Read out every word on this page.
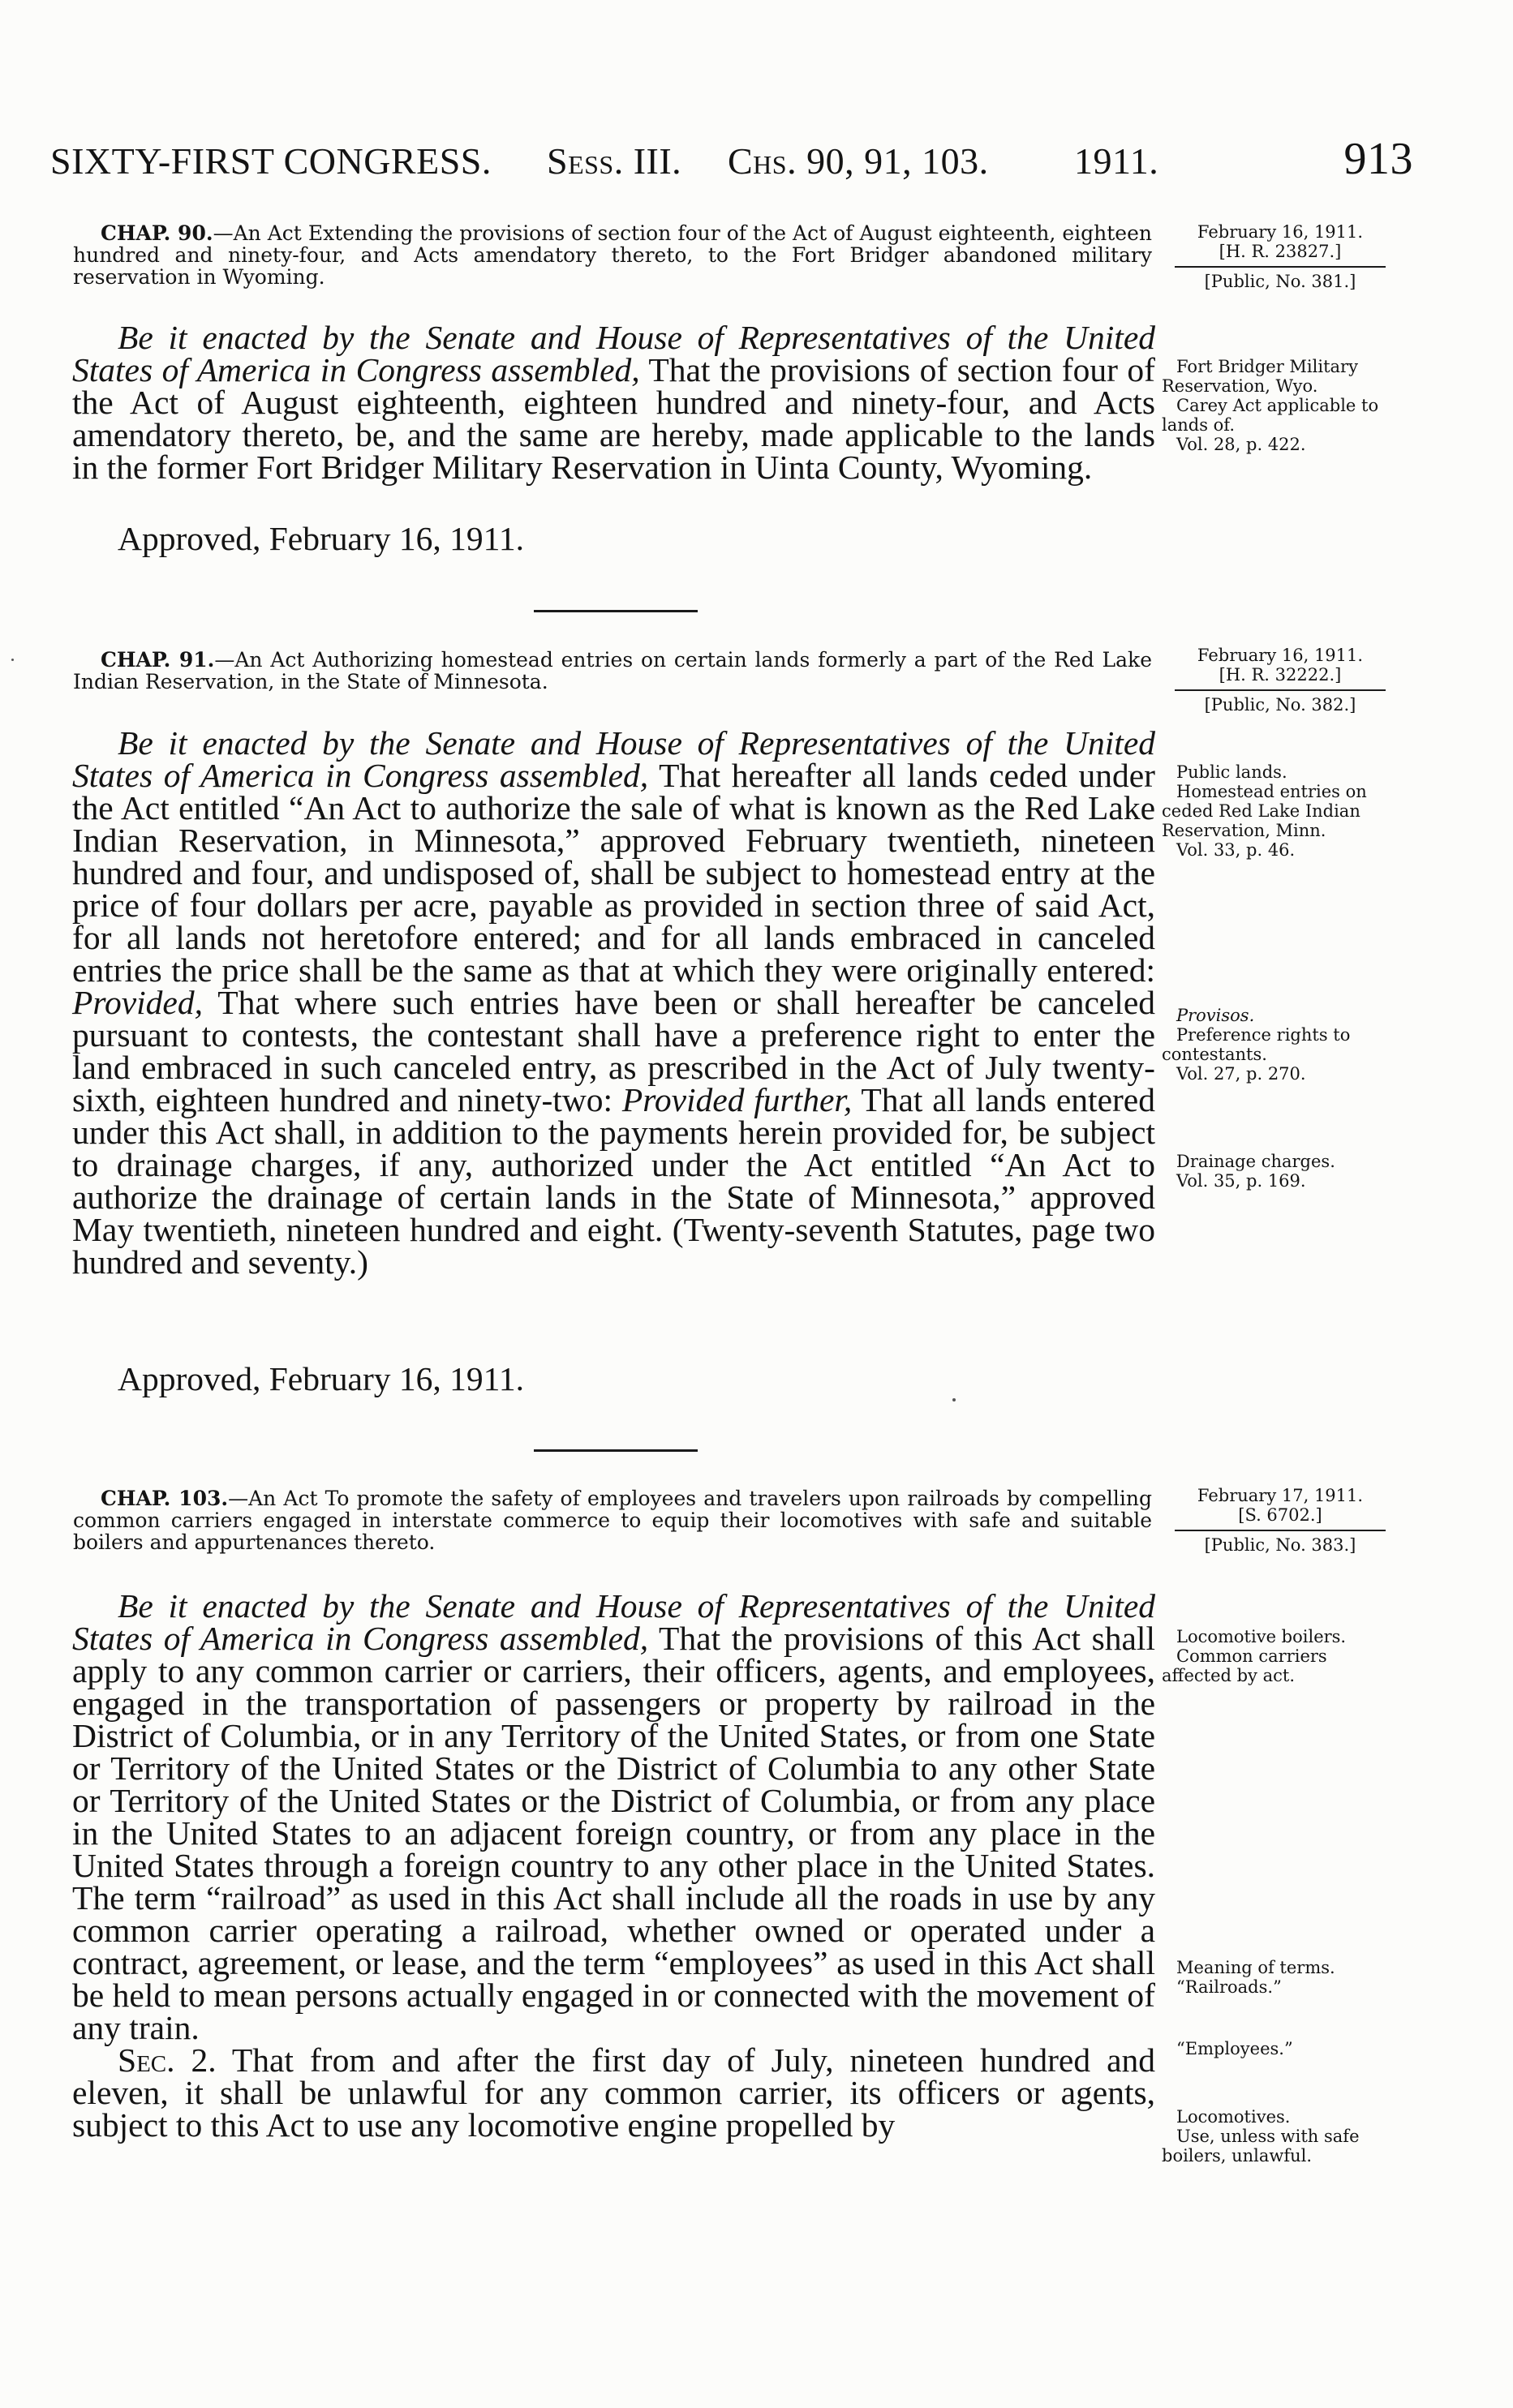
SIXTY-FIRST CONGRESS. Sess. III. Chs. 90, 91, 103. 1911.	913
CHAP. 90.—An Act Extending the provisions of section four of the Act of August eighteenth, eighteen hundred and ninety-four, and Acts amendatory thereto, to the Fort Bridger abandoned military reservation in Wyoming.
February 16, 1911.
[H. R. 23827.]
[Public, No. 381.]

Be it enacted by the Senate and House of Representatives of the United States of America in Congress assembled, That the provisions of section four of the Act of August eighteenth, eighteen hundred and ninety-four, and Acts amendatory thereto, be, and the same are hereby, made applicable to the lands in the former Fort Bridger Military Reservation in Uinta County, Wyoming.

Fort Bridger Military Reservation, Wyo.
Carey Act applicable to lands of.
Vol. 28, p. 422.
Approved, February 16, 1911.
CHAP. 91.—An Act Authorizing homestead entries on certain lands formerly a part of the Red Lake Indian Reservation, in the State of Minnesota.
February 16, 1911.
[H. R. 32222.]
[Public, No. 382.]

Be it enacted by the Senate and House of Representatives of the United States of America in Congress assembled, That hereafter all lands ceded under the Act entitled “An Act to authorize the sale of what is known as the Red Lake Indian Reservation, in Minnesota,” approved February twentieth, nineteen hundred and four, and undisposed of, shall be subject to homestead entry at the price of four dollars per acre, payable as provided in section three of said Act, for all lands not heretofore entered; and for all lands embraced in canceled entries the price shall be the same as that at which they were originally entered: Provided, That where such entries have been or shall hereafter be canceled pursuant to contests, the contestant shall have a preference right to enter the land embraced in such canceled entry, as prescribed in the Act of July twenty-sixth, eighteen hundred and ninety-two: Provided further, That all lands entered under this Act shall, in addition to the payments herein provided for, be subject to drainage charges, if any, authorized under the Act entitled “An Act to authorize the drainage of certain lands in the State of Minnesota,” approved May twentieth, nineteen hundred and eight. (Twenty-seventh Statutes, page two hundred and seventy.)

Public lands.
Homestead entries on ceded Red Lake Indian Reservation, Minn.
Vol. 33, p. 46.
Provisos.
Preference rights to contestants.
Vol. 27, p. 270.
Drainage charges.
Vol. 35, p. 169.
Approved, February 16, 1911.
CHAP. 103.—An Act To promote the safety of employees and travelers upon railroads by compelling common carriers engaged in interstate commerce to equip their locomotives with safe and suitable boilers and appurtenances thereto.
February 17, 1911.
[S. 6702.]
[Public, No. 383.]

Be it enacted by the Senate and House of Representatives of the United States of America in Congress assembled, That the provisions of this Act shall apply to any common carrier or carriers, their officers, agents, and employees, engaged in the transportation of passengers or property by railroad in the District of Columbia, or in any Territory of the United States, or from one State or Territory of the United States or the District of Columbia to any other State or Territory of the United States or the District of Columbia, or from any place in the United States to an adjacent foreign country, or from any place in the United States through a foreign country to any other place in the United States. The term “railroad” as used in this Act shall include all the roads in use by any common carrier operating a railroad, whether owned or operated under a contract, agreement, or lease, and the term “employees” as used in this Act shall be held to mean persons actually engaged in or connected with the movement of any train.

Sec. 2. That from and after the first day of July, nineteen hundred and eleven, it shall be unlawful for any common carrier, its officers or agents, subject to this Act to use any locomotive engine propelled by

Locomotive boilers.
Common carriers affected by act.
Meaning of terms.
“Railroads.”
“Employees.”
Locomotives.
Use, unless with safe boilers, unlawful.
